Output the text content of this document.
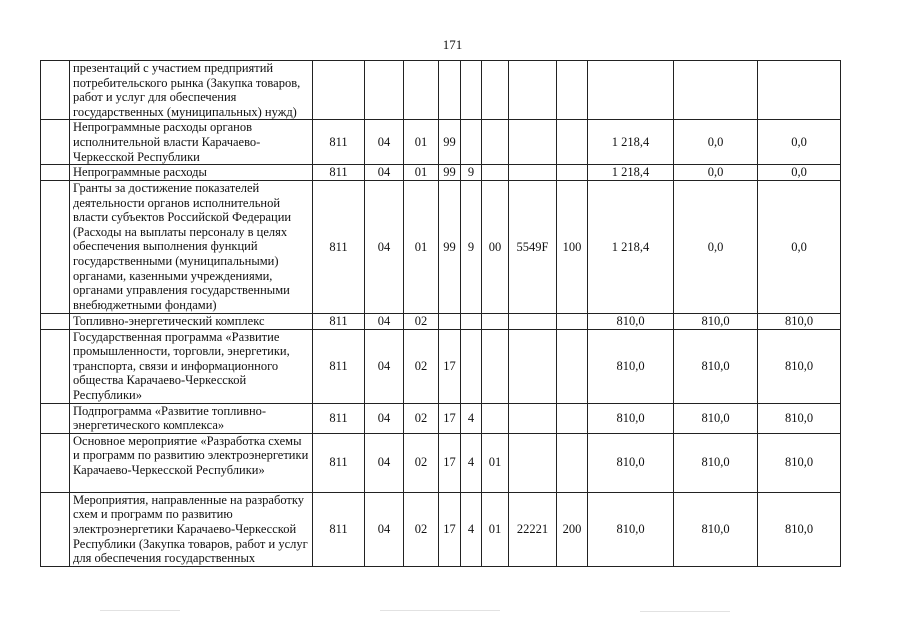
171
	презентаций с участием предприятий потребительского рынка (Закупка товаров, работ и услуг для обеспечения государственных (муниципальных) нужд)											
	Непрограммные расходы органов исполнительной власти Карачаево-Черкесской Республики	811	04	01	99					1 218,4	0,0	0,0
	Непрограммные расходы	811	04	01	99	9				1 218,4	0,0	0,0
	Гранты за достижение показателей деятельности органов исполнительной власти субъектов Российской Федерации (Расходы на выплаты персоналу в целях обеспечения выполнения функций государственными (муниципальными) органами, казенными учреждениями, органами управления государственными внебюджетными фондами)	811	04	01	99	9	00	5549F	100	1 218,4	0,0	0,0
	Топливно-энергетический комплекс	811	04	02						810,0	810,0	810,0
	Государственная программа «Развитие промышленности, торговли, энергетики, транспорта, связи и информационного общества Карачаево-Черкесской Республики»	811	04	02	17					810,0	810,0	810,0
	Подпрограмма «Развитие топливно-энергетического комплекса»	811	04	02	17	4				810,0	810,0	810,0
	Основное мероприятие «Разработка схемы и программ по развитию электроэнергетики Карачаево-Черкесской Республики»	811	04	02	17	4	01			810,0	810,0	810,0
	Мероприятия, направленные на разработку схем и программ по развитию электроэнергетики Карачаево-Черкесской Республики (Закупка товаров, работ и услуг для обеспечения государственных	811	04	02	17	4	01	22221	200	810,0	810,0	810,0
